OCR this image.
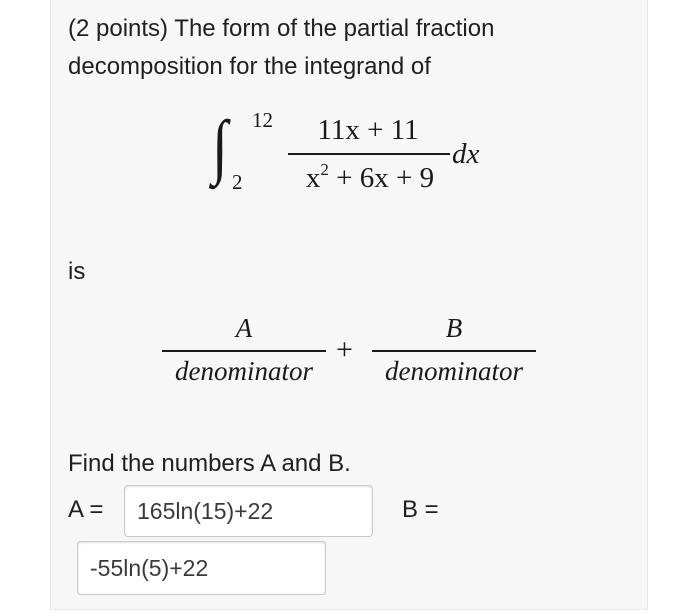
(2 points) The form of the partial fraction
decomposition for the integrand of

∫ 12
2
11x + 11
$x^2 + 6x + 9$
dx
is
A
denominator
+
B
denominator
Find the numbers A and B.
A =
165ln(15)+22	B =
-55ln(5)+22
